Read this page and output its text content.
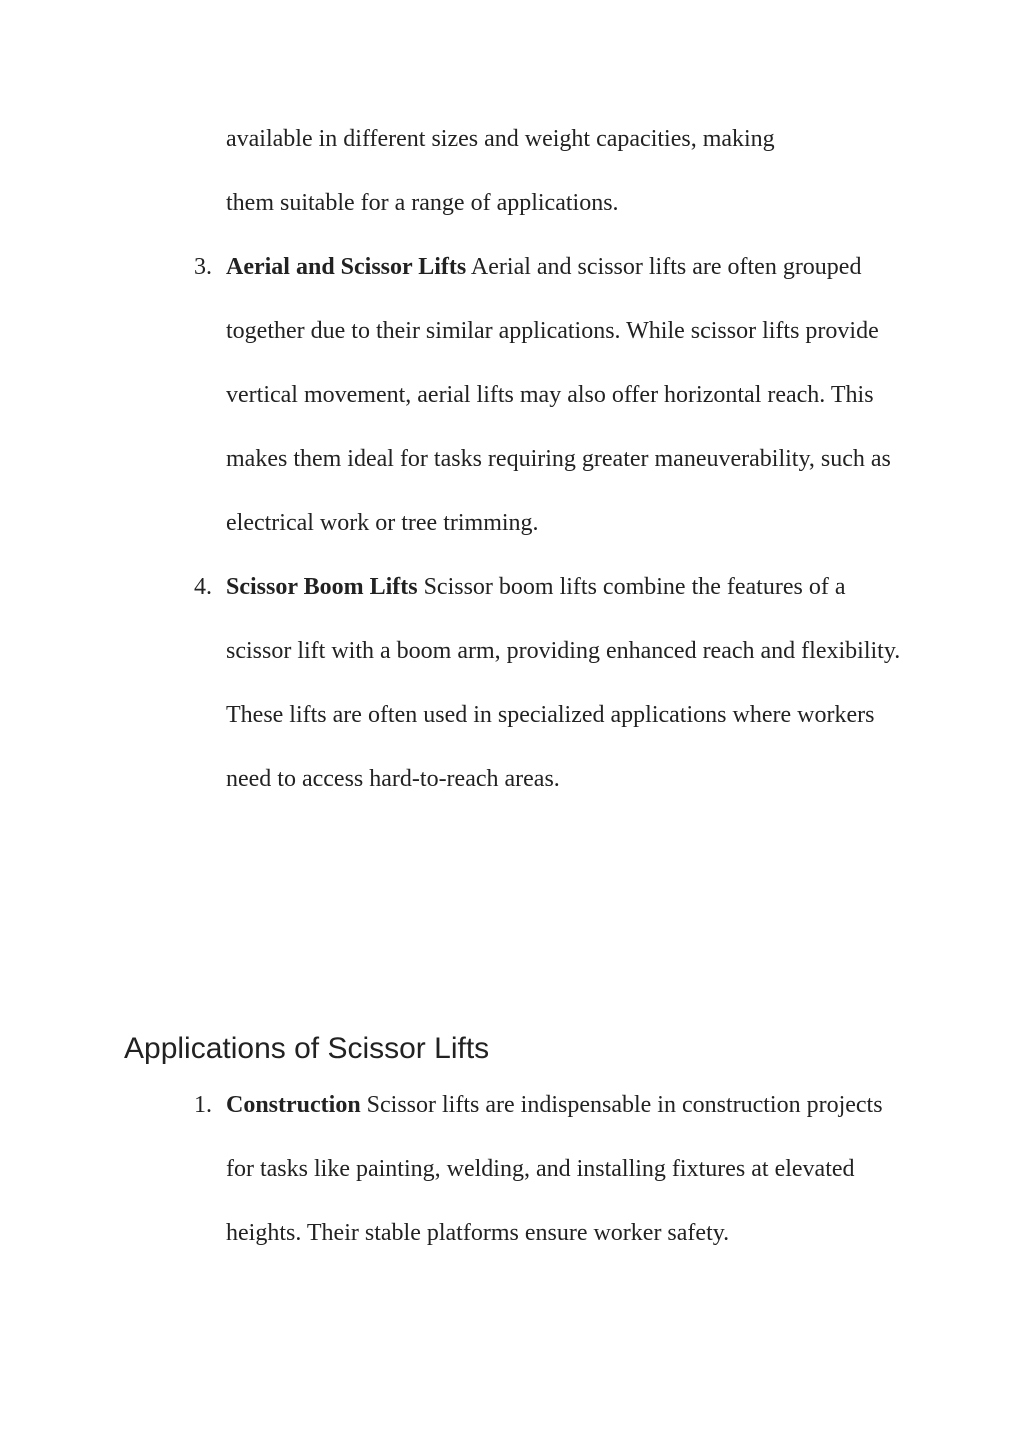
available in different sizes and weight capacities, making
them suitable for a range of applications.
3. Aerial and Scissor Lifts Aerial and scissor lifts are often grouped together due to their similar applications. While scissor lifts provide vertical movement, aerial lifts may also offer horizontal reach. This makes them ideal for tasks requiring greater maneuverability, such as electrical work or tree trimming.
4. Scissor Boom Lifts Scissor boom lifts combine the features of a scissor lift with a boom arm, providing enhanced reach and flexibility. These lifts are often used in specialized applications where workers need to access hard-to-reach areas.
Applications of Scissor Lifts
1. Construction Scissor lifts are indispensable in construction projects for tasks like painting, welding, and installing fixtures at elevated heights. Their stable platforms ensure worker safety.
